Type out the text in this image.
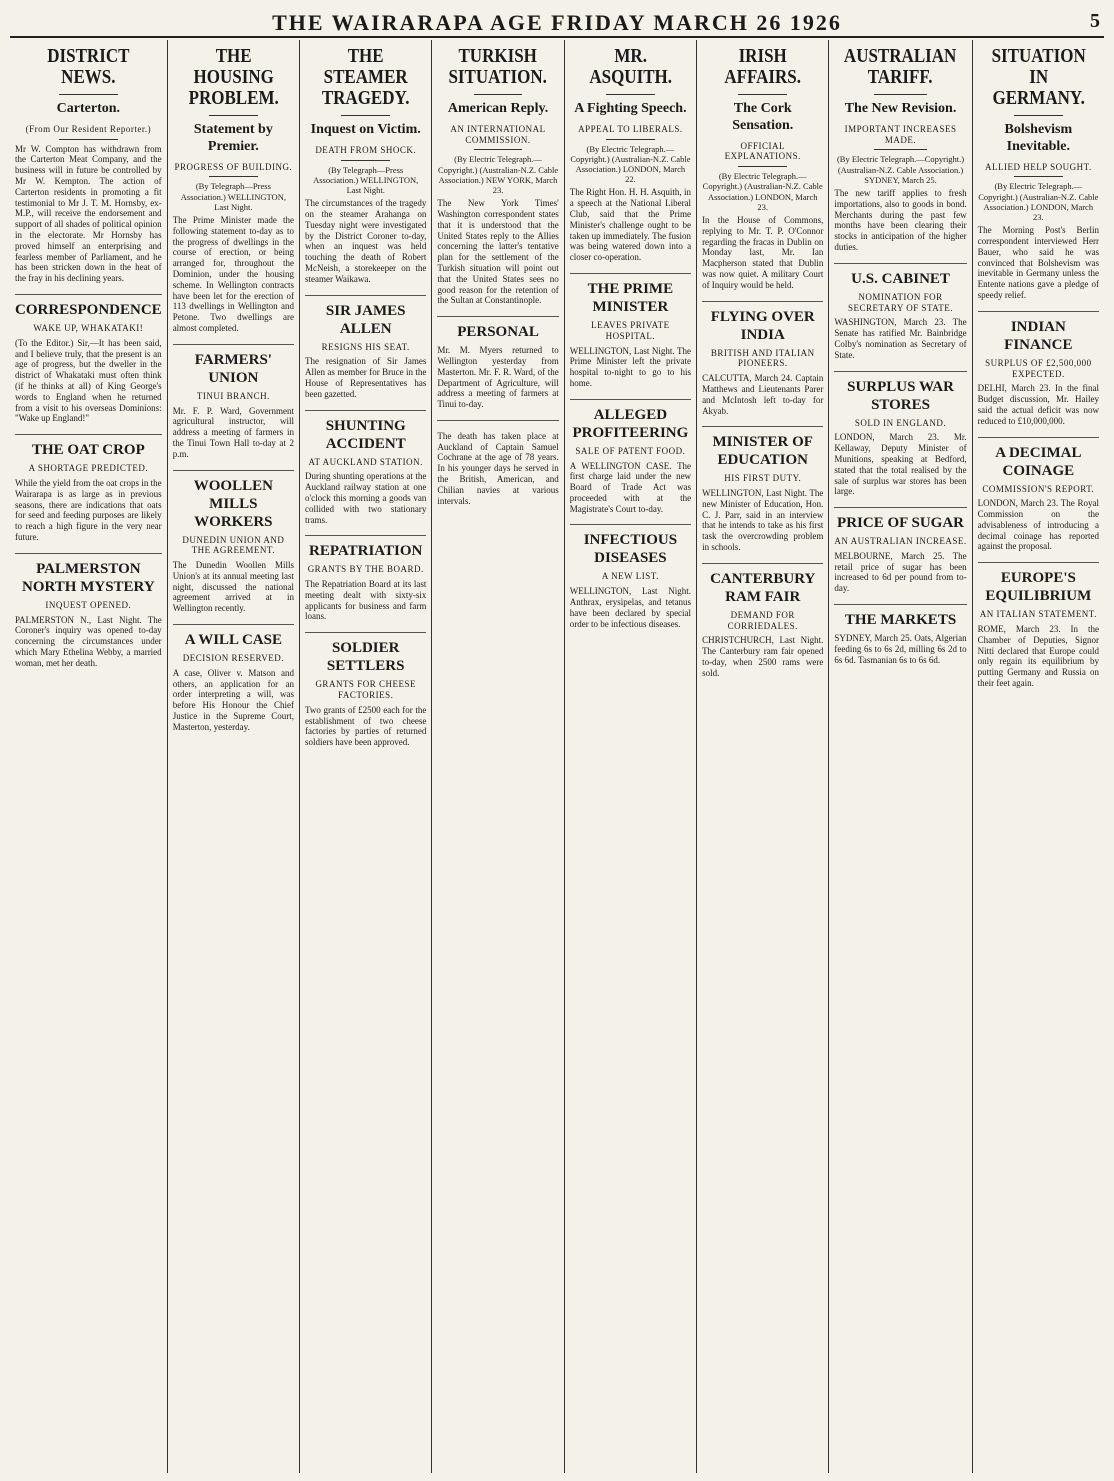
THE WAIRARAPA AGE FRIDAY MARCH 26 1926	5
DISTRICT NEWS.
Carterton.
(From Our Resident Reporter.)
Mr W. Compton has withdrawn from the Carterton Meat Company, and the business will in future be controlled by Mr W. Kempton. The action of Carterton residents in promoting a fit testimonial to Mr J. T. M. Hornsby, ex-M.P., will receive the endorsement and support of all shades of political opinion in the electorate. Mr Hornsby has proved himself an enterprising and fearless member of Parliament, and he has been stricken down in the heat of the fray in his declining years.
CORRESPONDENCE
WAKE UP, WHAKATAKI!
(To the Editor.) Sir,—It has been said, and I believe truly, that the present is an age of progress, but the dweller in the district of Whakataki must often think (if he thinks at all) of King George's words to England when he returned from a visit to his overseas Dominions: "Wake up England!"
THE OAT CROP
A SHORTAGE PREDICTED.
While the yield from the oat crops in the Wairarapa is as large as in previous seasons, there are indications that oats for seed and feeding purposes are likely to reach a high figure in the very near future.
PALMERSTON NORTH MYSTERY
INQUEST OPENED.
PALMERSTON N., Last Night. The Coroner's inquiry was opened to-day concerning the circumstances under which Mary Ethelina Webby, a married woman, met her death.
THE HOUSING PROBLEM.
Statement by Premier.
PROGRESS OF BUILDING.
(By Telegraph—Press Association.) WELLINGTON, Last Night.
The Prime Minister made the following statement to-day as to the progress of dwellings in the course of erection, or being arranged for, throughout the Dominion, under the housing scheme. In Wellington contracts have been let for the erection of 113 dwellings in Wellington and Petone. Two dwellings are almost completed.
FARMERS' UNION
TINUI BRANCH.
Mr. F. P. Ward, Government agricultural instructor, will address a meeting of farmers in the Tinui Town Hall to-day at 2 p.m.
WOOLLEN MILLS WORKERS
DUNEDIN UNION AND THE AGREEMENT.
The Dunedin Woollen Mills Union's at its annual meeting last night, discussed the national agreement arrived at in Wellington recently.
A WILL CASE
DECISION RESERVED.
A case, Oliver v. Matson and others, an application for an order interpreting a will, was before His Honour the Chief Justice in the Supreme Court, Masterton, yesterday.
THE STEAMER TRAGEDY.
Inquest on Victim.
DEATH FROM SHOCK.
(By Telegraph—Press Association.) WELLINGTON, Last Night.
The circumstances of the tragedy on the steamer Arahanga on Tuesday night were investigated by the District Coroner to-day, when an inquest was held touching the death of Robert McNeish, a storekeeper on the steamer Waikawa.
SIR JAMES ALLEN
RESIGNS HIS SEAT.
The resignation of Sir James Allen as member for Bruce in the House of Representatives has been gazetted.
SHUNTING ACCIDENT
AT AUCKLAND STATION.
During shunting operations at the Auckland railway station at one o'clock this morning a goods van collided with two stationary trams.
REPATRIATION
GRANTS BY THE BOARD.
The Repatriation Board at its last meeting dealt with sixty-six applicants for business and farm loans.
SOLDIER SETTLERS
GRANTS FOR CHEESE FACTORIES.
Two grants of £2500 each for the establishment of two cheese factories by parties of returned soldiers have been approved.
TURKISH SITUATION.
American Reply.
AN INTERNATIONAL COMMISSION.
(By Electric Telegraph.—Copyright.) (Australian-N.Z. Cable Association.) NEW YORK, March 23.
The New York Times' Washington correspondent states that it is understood that the United States reply to the Allies concerning the latter's tentative plan for the settlement of the Turkish situation will point out that the United States sees no good reason for the retention of the Sultan at Constantinople.
PERSONAL
Mr. M. Myers returned to Wellington yesterday from Masterton. Mr. F. R. Ward, of the Department of Agriculture, will address a meeting of farmers at Tinui to-day.
The death has taken place at Auckland of Captain Samuel Cochrane at the age of 78 years. In his younger days he served in the British, American, and Chilian navies at various intervals.
MR. ASQUITH.
A Fighting Speech.
APPEAL TO LIBERALS.
(By Electric Telegraph.—Copyright.) (Australian-N.Z. Cable Association.) LONDON, March 22.
The Right Hon. H. H. Asquith, in a speech at the National Liberal Club, said that the Prime Minister's challenge ought to be taken up immediately. The fusion was being watered down into a closer co-operation.
THE PRIME MINISTER
LEAVES PRIVATE HOSPITAL.
WELLINGTON, Last Night. The Prime Minister left the private hospital to-night to go to his home.
ALLEGED PROFITEERING
SALE OF PATENT FOOD.
A WELLINGTON CASE. The first charge laid under the new Board of Trade Act was proceeded with at the Magistrate's Court to-day.
INFECTIOUS DISEASES
A NEW LIST.
WELLINGTON, Last Night. Anthrax, erysipelas, and tetanus have been declared by special order to be infectious diseases.
IRISH AFFAIRS.
The Cork Sensation.
OFFICIAL EXPLANATIONS.
(By Electric Telegraph.—Copyright.) (Australian-N.Z. Cable Association.) LONDON, March 23.
In the House of Commons, replying to Mr. T. P. O'Connor regarding the fracas in Dublin on Monday last, Mr. Ian Macpherson stated that Dublin was now quiet. A military Court of Inquiry would be held.
FLYING OVER INDIA
BRITISH AND ITALIAN PIONEERS.
CALCUTTA, March 24. Captain Matthews and Lieutenants Parer and McIntosh left to-day for Akyab.
MINISTER OF EDUCATION
HIS FIRST DUTY.
WELLINGTON, Last Night. The new Minister of Education, Hon. C. J. Parr, said in an interview that he intends to take as his first task the overcrowding problem in schools.
CANTERBURY RAM FAIR
DEMAND FOR CORRIEDALES.
CHRISTCHURCH, Last Night. The Canterbury ram fair opened to-day, when 2500 rams were sold.
AUSTRALIAN TARIFF.
The New Revision.
IMPORTANT INCREASES MADE.
(By Electric Telegraph.—Copyright.) (Australian-N.Z. Cable Association.) SYDNEY, March 25.
The new tariff applies to fresh importations, also to goods in bond. Merchants during the past few months have been clearing their stocks in anticipation of the higher duties.
U.S. CABINET
NOMINATION FOR SECRETARY OF STATE.
WASHINGTON, March 23. The Senate has ratified Mr. Bainbridge Colby's nomination as Secretary of State.
SURPLUS WAR STORES
SOLD IN ENGLAND.
LONDON, March 23. Mr. Kellaway, Deputy Minister of Munitions, speaking at Bedford, stated that the total realised by the sale of surplus war stores has been large.
PRICE OF SUGAR
AN AUSTRALIAN INCREASE.
MELBOURNE, March 25. The retail price of sugar has been increased to 6d per pound from to-day.
THE MARKETS
SYDNEY, March 25. Oats, Algerian feeding 6s to 6s 2d, milling 6s 2d to 6s 6d. Tasmanian 6s to 6s 6d.
SITUATION IN GERMANY.
Bolshevism Inevitable.
ALLIED HELP SOUGHT.
(By Electric Telegraph.—Copyright.) (Australian-N.Z. Cable Association.) LONDON, March 23.
The Morning Post's Berlin correspondent interviewed Herr Bauer, who said he was convinced that Bolshevism was inevitable in Germany unless the Entente nations gave a pledge of speedy relief.
INDIAN FINANCE
SURPLUS OF £2,500,000 EXPECTED.
DELHI, March 23. In the final Budget discussion, Mr. Hailey said the actual deficit was now reduced to £10,000,000.
A DECIMAL COINAGE
COMMISSION'S REPORT.
LONDON, March 23. The Royal Commission on the advisableness of introducing a decimal coinage has reported against the proposal.
EUROPE'S EQUILIBRIUM
AN ITALIAN STATEMENT.
ROME, March 23. In the Chamber of Deputies, Signor Nitti declared that Europe could only regain its equilibrium by putting Germany and Russia on their feet again.
